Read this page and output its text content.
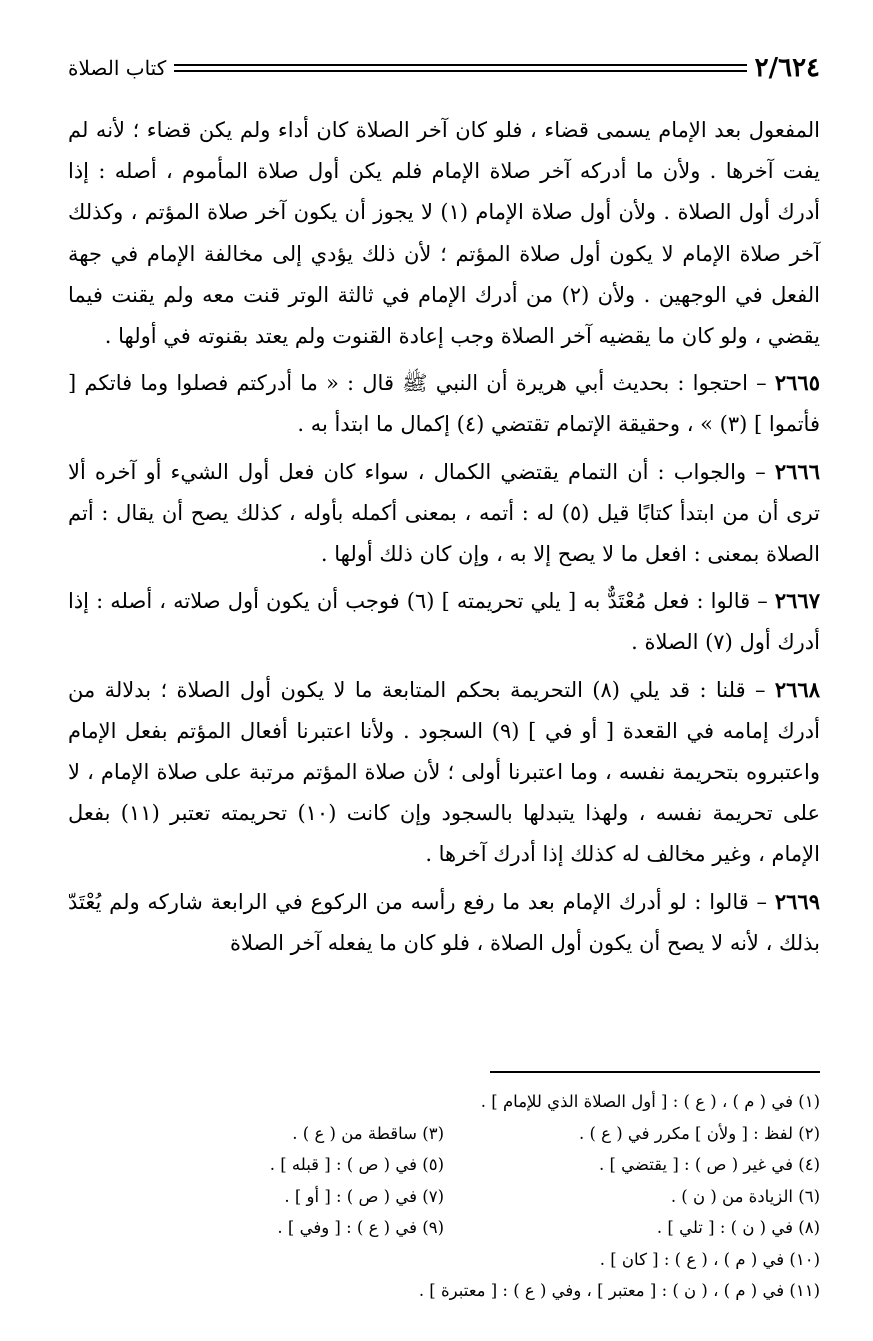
٢/٦٢٤
كتاب الصلاة

المفعول بعد الإمام يسمى قضاء ، فلو كان آخر الصلاة كان أداء ولم يكن قضاء ؛ لأنه لم يفت آخرها . ولأن ما أدركه آخر صلاة الإمام فلم يكن أول صلاة المأموم ، أصله : إذا أدرك أول الصلاة . ولأن أول صلاة الإمام (١) لا يجوز أن يكون آخر صلاة المؤتم ، وكذلك آخر صلاة الإمام لا يكون أول صلاة المؤتم ؛ لأن ذلك يؤدي إلى مخالفة الإمام في جهة الفعل في الوجهين . ولأن (٢) من أدرك الإمام في ثالثة الوتر قنت معه ولم يقنت فيما يقضي ، ولو كان ما يقضيه آخر الصلاة وجب إعادة القنوت ولم يعتد بقنوته في أولها .

٢٦٦٥ – احتجوا : بحديث أبي هريرة أن النبي ﷺ قال : « ما أدركتم فصلوا وما فاتكم [ فأتموا ] (٣) » ، وحقيقة الإتمام تقتضي (٤) إكمال ما ابتدأ به .

٢٦٦٦ – والجواب : أن التمام يقتضي الكمال ، سواء كان فعل أول الشيء أو آخره ألا ترى أن من ابتدأ كتابًا قيل (٥) له : أتمه ، بمعنى أكمله بأوله ، كذلك يصح أن يقال : أتم الصلاة بمعنى : افعل ما لا يصح إلا به ، وإن كان ذلك أولها .

٢٦٦٧ – قالوا : فعل مُعْتَدٌّ به [ يلي تحريمته ] (٦) فوجب أن يكون أول صلاته ، أصله : إذا أدرك أول (٧) الصلاة .

٢٦٦٨ – قلنا : قد يلي (٨) التحريمة بحكم المتابعة ما لا يكون أول الصلاة ؛ بدلالة من أدرك إمامه في القعدة [ أو في ] (٩) السجود . ولأنا اعتبرنا أفعال المؤتم بفعل الإمام واعتبروه بتحريمة نفسه ، وما اعتبرنا أولى ؛ لأن صلاة المؤتم مرتبة على صلاة الإمام ، لا على تحريمة نفسه ، ولهذا يتبدلها بالسجود وإن كانت (١٠) تحريمته تعتبر (١١) بفعل الإمام ، وغير مخالف له كذلك إذا أدرك آخرها .

٢٦٦٩ – قالوا : لو أدرك الإمام بعد ما رفع رأسه من الركوع في الرابعة شاركه ولم يُعْتَدّ بذلك ، لأنه لا يصح أن يكون أول الصلاة ، فلو كان ما يفعله آخر الصلاة

(١) في ( م ) ، ( ع ) : [ أول الصلاة الذي للإمام ] .
(٢) لفظ : [ ولأن ] مكرر في ( ع ) .
(٣) ساقطة من ( ع ) .
(٤) في غير ( ص ) : [ يقتضي ] .
(٥) في ( ص ) : [ قبله ] .
(٦) الزيادة من ( ن ) .
(٧) في ( ص ) : [ أو ] .
(٨) في ( ن ) : [ تلي ] .
(٩) في ( ع ) : [ وفي ] .
(١٠) في ( م ) ، ( ع ) : [ كان ] .
(١١) في ( م ) ، ( ن ) : [ معتبر ] ، وفي ( ع ) : [ معتبرة ] .
